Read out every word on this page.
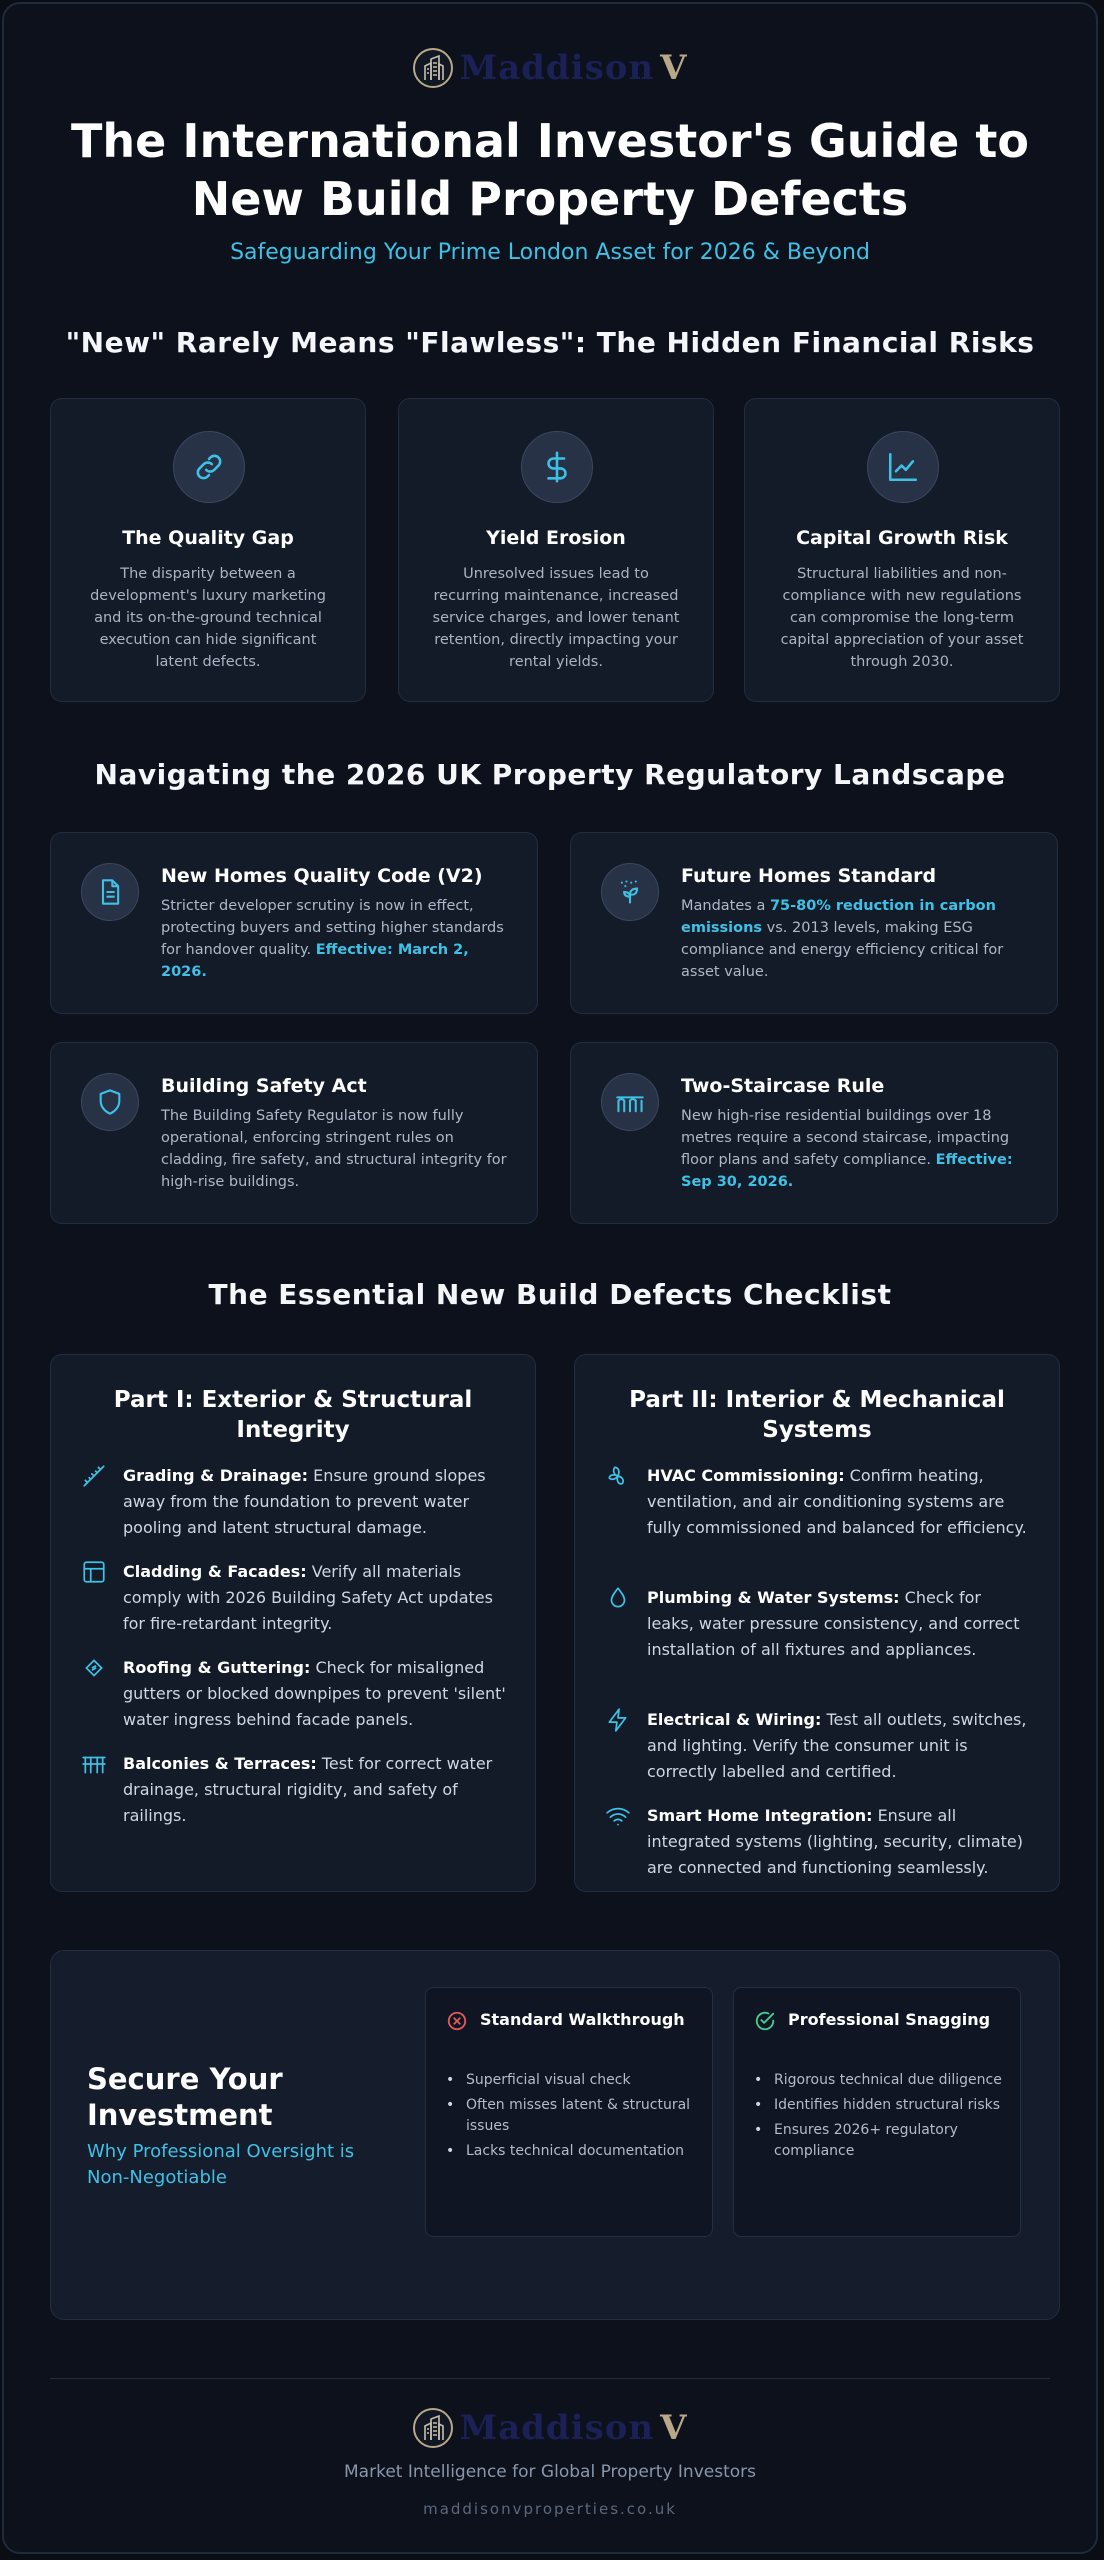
Maddison V
The International Investor's Guide to New Build Property Defects
Safeguarding Your Prime London Asset for 2026 & Beyond
"New" Rarely Means "Flawless": The Hidden Financial Risks
The Quality Gap
The disparity between a development's luxury marketing and its on-the-ground technical execution can hide significant latent defects.
Yield Erosion
Unresolved issues lead to recurring maintenance, increased service charges, and lower tenant retention, directly impacting your rental yields.
Capital Growth Risk
Structural liabilities and non-compliance with new regulations can compromise the long-term capital appreciation of your asset through 2030.
Navigating the 2026 UK Property Regulatory Landscape
New Homes Quality Code (V2)
Stricter developer scrutiny is now in effect, protecting buyers and setting higher standards for handover quality. Effective: March 2, 2026.
Future Homes Standard
Mandates a 75-80% reduction in carbon emissions vs. 2013 levels, making ESG compliance and energy efficiency critical for asset value.
Building Safety Act
The Building Safety Regulator is now fully operational, enforcing stringent rules on cladding, fire safety, and structural integrity for high-rise buildings.
Two-Staircase Rule
New high-rise residential buildings over 18 metres require a second staircase, impacting floor plans and safety compliance. Effective: Sep 30, 2026.
The Essential New Build Defects Checklist
Part I: Exterior & Structural Integrity
Grading & Drainage: Ensure ground slopes away from the foundation to prevent water pooling and latent structural damage.
Cladding & Facades: Verify all materials comply with 2026 Building Safety Act updates for fire-retardant integrity.
Roofing & Guttering: Check for misaligned gutters or blocked downpipes to prevent 'silent' water ingress behind facade panels.
Balconies & Terraces: Test for correct water drainage, structural rigidity, and safety of railings.
Part II: Interior & Mechanical Systems
HVAC Commissioning: Confirm heating, ventilation, and air conditioning systems are fully commissioned and balanced for efficiency.
Plumbing & Water Systems: Check for leaks, water pressure consistency, and correct installation of all fixtures and appliances.
Electrical & Wiring: Test all outlets, switches, and lighting. Verify the consumer unit is correctly labelled and certified.
Smart Home Integration: Ensure all integrated systems (lighting, security, climate) are connected and functioning seamlessly.
Secure Your Investment
Why Professional Oversight is Non-Negotiable
Standard Walkthrough
• Superficial visual check
• Often misses latent & structural issues
• Lacks technical documentation
Professional Snagging
• Rigorous technical due diligence
• Identifies hidden structural risks
• Ensures 2026+ regulatory compliance
Maddison V
Market Intelligence for Global Property Investors
maddisonvproperties.co.uk
